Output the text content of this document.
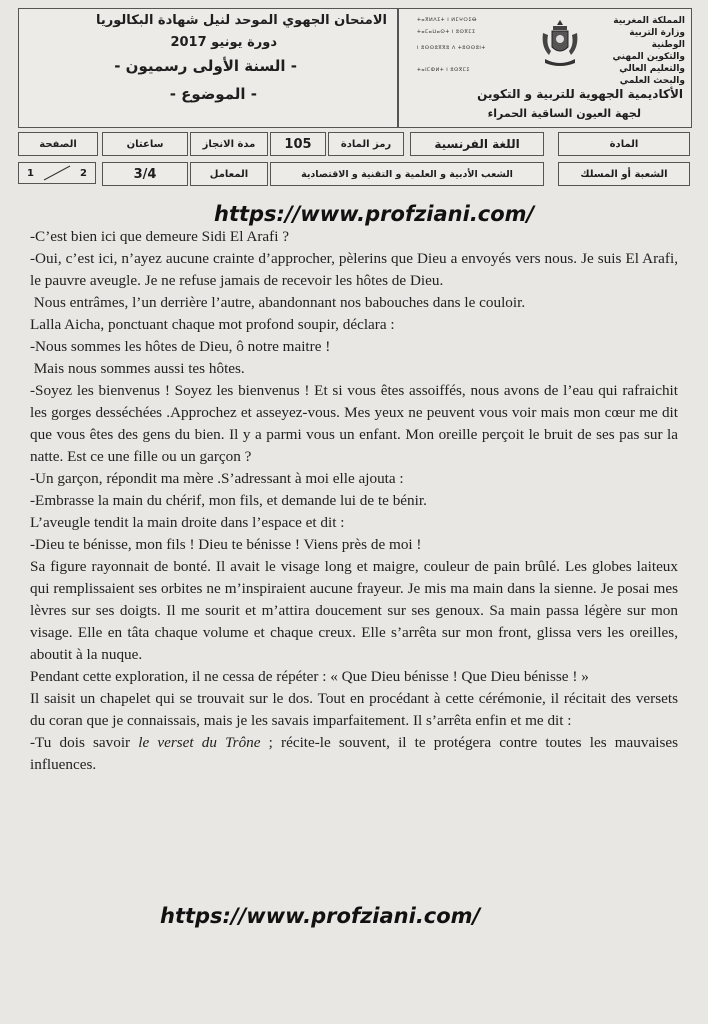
الامتحان الجهوي الموحد لنيل شهادة البكالوريا
دورة يونيو 2017
- السنة الأولى رسميون -
- الموضوع -
ⵜⴰⴳⵍⴷⵉⵜ ⵏ ⵍⵎⵖⵔⵉⴱ
ⵜⴰⵎⴰⵡⴰⵙⵜ ⵏ ⵓⵙⴳⵎⵉ
ⵏ ⵓⵙⵙⵓⴳⴳⵓ ⴷ ⵜⵓⵙⵙⵓⵏⵜ
ⵜⴰⵏⵎⵀⵍⵜ ⵏ ⵓⵙⴳⵎⵉ
المملكة المغربية
وزارة التربية الوطنية
والتكوين المهني
والتعليم العالي والبحث العلمي
الأكاديمية الجهوية للتربية و التكوين
لجهة العيون الساقية الحمراء
الصفحة	ساعتان	مدة الانجاز	105	رمز المادة	اللغة الفرنسية	المادة
1	2	3/4	المعامل	الشعب الأدبية و العلمية و التقنية و الاقتصادية	الشعبة أو المسلك
https://www.profziani.com/

-C’est bien ici que demeure Sidi El Arafi ?

-Oui, c’est ici, n’ayez aucune crainte d’approcher, pèlerins que Dieu a envoyés vers nous. Je suis El Arafi, le pauvre aveugle. Je ne refuse jamais de recevoir les hôtes de Dieu.

Nous entrâmes, l’un derrière l’autre, abandonnant nos babouches dans le couloir.

Lalla Aicha, ponctuant chaque mot profond soupir, déclara :

-Nous sommes les hôtes de Dieu, ô notre maitre !

Mais nous sommes aussi tes hôtes.

-Soyez les bienvenus ! Soyez les bienvenus ! Et si vous êtes assoiffés, nous avons de l’eau qui rafraichit les gorges desséchées .Approchez et asseyez-vous. Mes yeux ne peuvent vous voir mais mon cœur me dit que vous êtes des gens du bien. Il y a parmi vous un enfant. Mon oreille perçoit le bruit de ses pas sur la natte. Est ce une fille ou un garçon ?

-Un garçon, répondit ma mère .S’adressant à moi elle ajouta :

-Embrasse la main du chérif, mon fils, et demande lui de te bénir.

L’aveugle tendit la main droite dans l’espace et dit :

-Dieu te bénisse, mon fils ! Dieu te bénisse ! Viens près de moi !

Sa figure rayonnait de bonté. Il avait le visage long et maigre, couleur de pain brûlé. Les globes laiteux qui remplissaient ses orbites ne m’inspiraient aucune frayeur. Je mis ma main dans la sienne. Je posai mes lèvres sur ses doigts. Il me sourit et m’attira doucement sur ses genoux. Sa main passa légère sur mon visage. Elle en tâta chaque volume et chaque creux. Elle s’arrêta sur mon front, glissa vers les oreilles, aboutit à la nuque.

Pendant cette exploration, il ne cessa de répéter : « Que Dieu bénisse ! Que Dieu bénisse ! »

Il saisit un chapelet qui se trouvait sur le dos. Tout en procédant à cette cérémonie, il récitait des versets du coran que je connaissais, mais je les savais imparfaitement. Il s’arrêta enfin et me dit :

-Tu dois savoir le verset du Trône ; récite-le souvent, il te protégera contre toutes les mauvaises influences.

https://www.profziani.com/
